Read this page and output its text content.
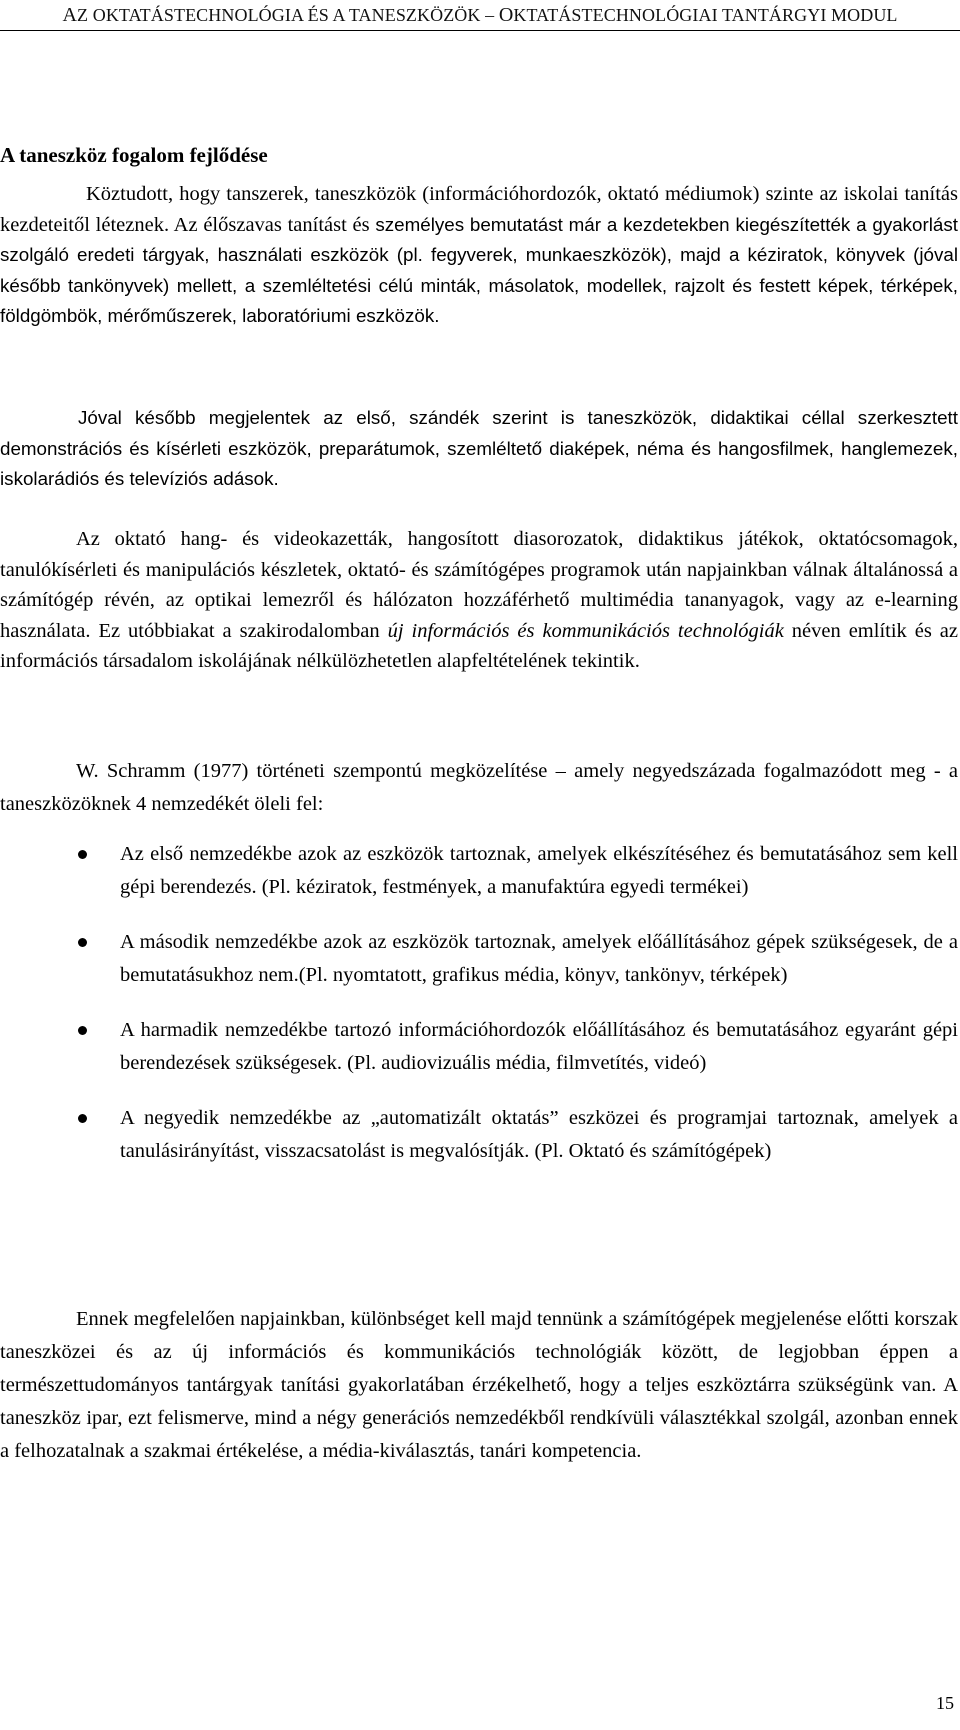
AZ OKTATÁSTECHNOLÓGIA ÉS A TANESZKÖZÖK – OKTATÁSTECHNOLÓGIAI TANTÁRGYI MODUL
A taneszköz fogalom fejlődése

Köztudott, hogy tanszerek, taneszközök (információhordozók, oktató médiumok) szinte az iskolai tanítás kezdeteitől léteznek. Az élőszavas tanítást és személyes bemutatást már a kezdetekben kiegészítették a gyakorlást szolgáló eredeti tárgyak, használati eszközök (pl. fegyverek, munkaeszközök), majd a kéziratok, könyvek (jóval később tankönyvek) mellett, a szemléltetési célú minták, másolatok, modellek, rajzolt és festett képek, térképek, földgömbök, mérőműszerek, laboratóriumi eszközök.

Jóval később megjelentek az első, szándék szerint is taneszközök, didaktikai céllal szerkesztett demonstrációs és kísérleti eszközök, preparátumok, szemléltető diaképek, néma és hangosfilmek, hanglemezek, iskolarádiós és televíziós adások.

Az oktató hang- és videokazetták, hangosított diasorozatok, didaktikus játékok, oktatócsomagok, tanulókísérleti és manipulációs készletek, oktató- és számítógépes programok után napjainkban válnak általánossá a számítógép révén, az optikai lemezről és hálózaton hozzáférhető multimédia tananyagok, vagy az e-learning használata. Ez utóbbiakat a szakirodalomban új információs és kommunikációs technológiák néven említik és az információs társadalom iskolájának nélkülözhetetlen alapfeltételének tekintik.

W. Schramm (1977) történeti szempontú megközelítése – amely negyedszázada fogalmazódott meg - a taneszközöknek 4 nemzedékét öleli fel:

Az első nemzedékbe azok az eszközök tartoznak, amelyek elkészítéséhez és bemutatásához sem kell gépi berendezés. (Pl. kéziratok, festmények, a manufaktúra egyedi termékei)
A második nemzedékbe azok az eszközök tartoznak, amelyek előállításához gépek szükségesek, de a bemutatásukhoz nem.(Pl. nyomtatott, grafikus média, könyv, tankönyv, térképek)
A harmadik nemzedékbe tartozó információhordozók előállításához és bemutatásához egyaránt gépi berendezések szükségesek. (Pl. audiovizuális média, filmvetítés, videó)
A negyedik nemzedékbe az „automatizált oktatás” eszközei és programjai tartoznak, amelyek a tanulásirányítást, visszacsatolást is megvalósítják. (Pl. Oktató és számítógépek)

Ennek megfelelően napjainkban, különbséget kell majd tennünk a számítógépek megjelenése előtti korszak taneszközei és az új információs és kommunikációs technológiák között, de legjobban éppen a természettudományos tantárgyak tanítási gyakorlatában érzékelhető, hogy a teljes eszköztárra szükségünk van. A taneszköz ipar, ezt felismerve, mind a négy generációs nemzedékből rendkívüli választékkal szolgál, azonban ennek a felhozatalnak a szakmai értékelése, a média-kiválasztás, tanári kompetencia.

15
